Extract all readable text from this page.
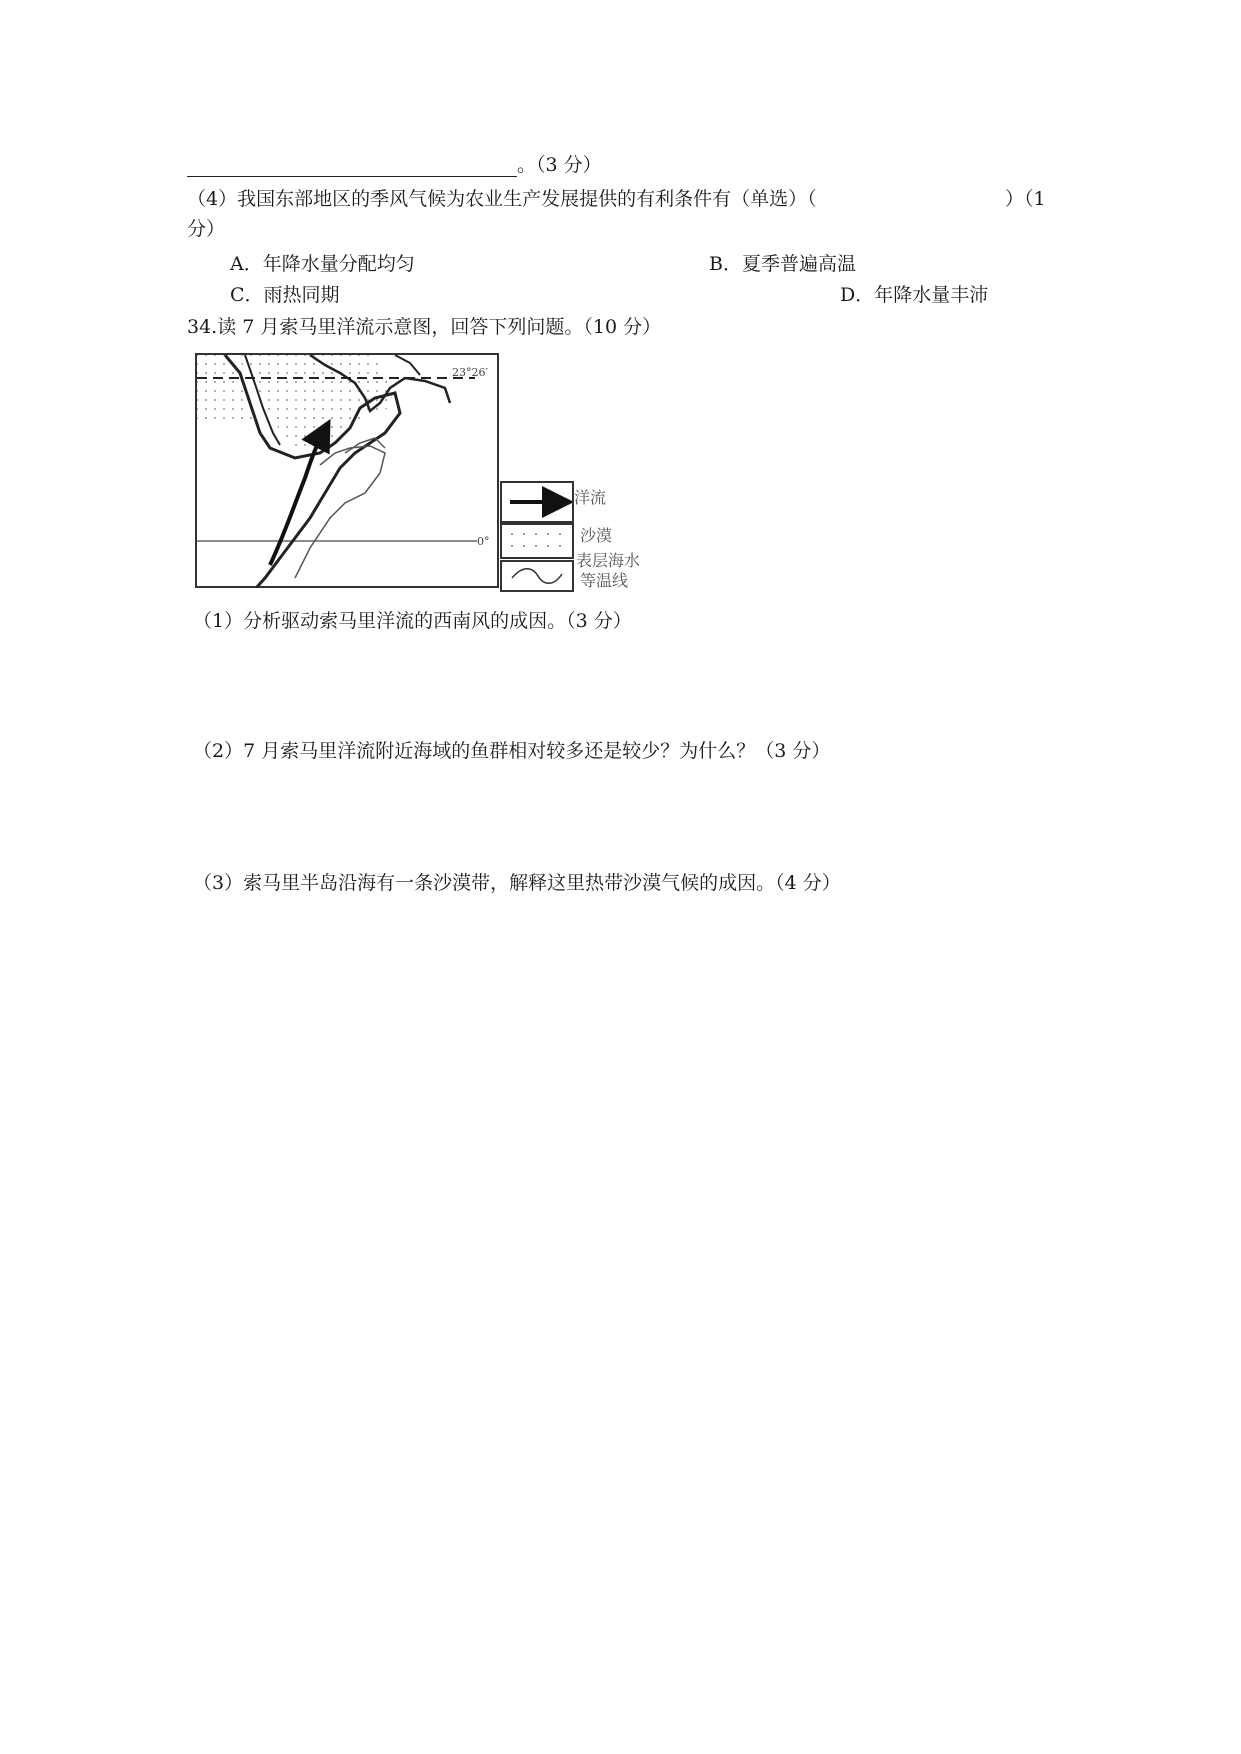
。（3 分）
（4）我国东部地区的季风气候为农业生产发展提供的有利条件有（单选）（	）（1
分）
A．年降水量分配均匀	B．夏季普遍高温
C．雨热同期	D．年降水量丰沛
34.读 7 月索马里洋流示意图，回答下列问题。（10 分）
23°26′
0°
洋流
沙漠
表层海水
等温线
（1）分析驱动索马里洋流的西南风的成因。（3 分）
（2）7 月索马里洋流附近海域的鱼群相对较多还是较少？为什么？（3 分）
（3）索马里半岛沿海有一条沙漠带，解释这里热带沙漠气候的成因。（4 分）
